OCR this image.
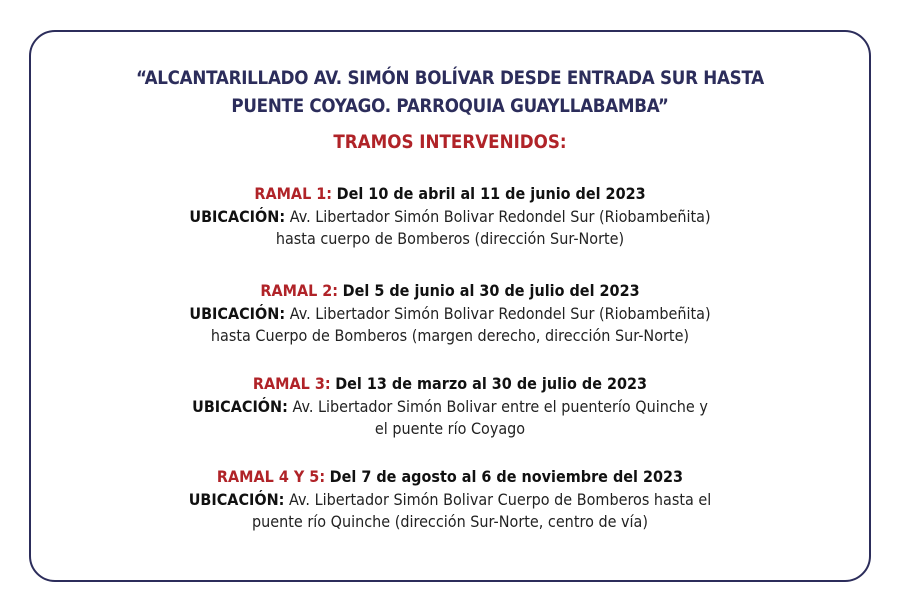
“ALCANTARILLADO AV. SIMÓN BOLÍVAR DESDE ENTRADA SUR HASTA
PUENTE COYAGO. PARROQUIA GUAYLLABAMBA”
TRAMOS INTERVENIDOS:
RAMAL 1: Del 10 de abril al 11 de junio del 2023
UBICACIÓN: Av. Libertador Simón Bolivar Redondel Sur (Riobambeñita)
hasta cuerpo de Bomberos (dirección Sur-Norte)
RAMAL 2: Del 5 de junio al 30 de julio del 2023
UBICACIÓN: Av. Libertador Simón Bolivar Redondel Sur (Riobambeñita)
hasta Cuerpo de Bomberos (margen derecho, dirección Sur-Norte)
RAMAL 3: Del 13 de marzo al 30 de julio de 2023
UBICACIÓN: Av. Libertador Simón Bolivar entre el puenterío Quinche y
el puente río Coyago
RAMAL 4 Y 5: Del 7 de agosto al 6 de noviembre del 2023
UBICACIÓN: Av. Libertador Simón Bolivar Cuerpo de Bomberos hasta el
puente río Quinche (dirección Sur-Norte, centro de vía)
